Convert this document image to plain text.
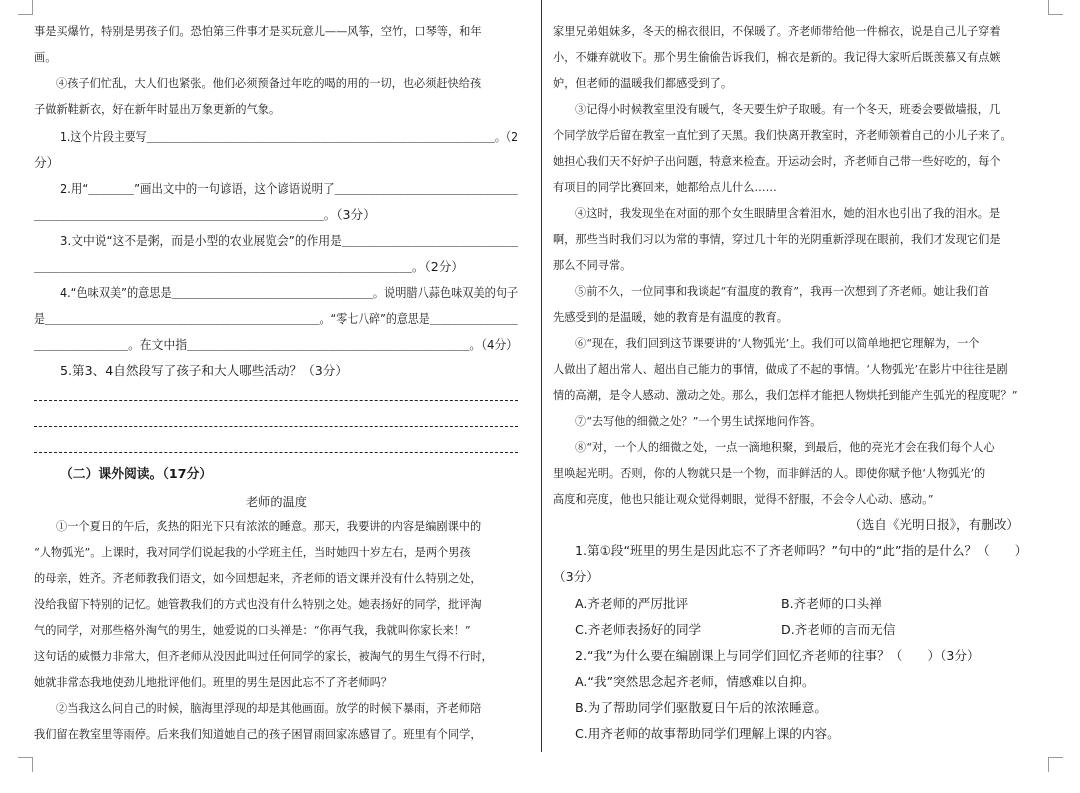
事是买爆竹，特别是男孩子们。恐怕第三件事才是买玩意儿——风筝，空竹，口琴等，和年
画。
④孩子们忙乱，大人们也紧张。他们必须预备过年吃的喝的用的一切，也必须赶快给孩
子做新鞋新衣，好在新年时显出万象更新的气象。
1.这个片段主要写＿＿＿＿＿＿＿＿＿＿＿＿＿＿＿＿＿＿＿＿＿＿＿＿＿＿＿＿＿＿＿＿。（2
分）
2.用“＿＿＿＿”画出文中的一句谚语，这个谚语说明了＿＿＿＿＿＿＿＿＿＿＿＿＿＿＿＿
＿＿＿＿＿＿＿＿＿＿＿＿＿＿＿＿＿＿＿＿＿＿＿。（3分）
3.文中说“这不是粥，而是小型的农业展览会”的作用是＿＿＿＿＿＿＿＿＿＿＿＿＿＿＿
＿＿＿＿＿＿＿＿＿＿＿＿＿＿＿＿＿＿＿＿＿＿＿＿＿＿＿＿＿＿。（2分）
4.“色味双美”的意思是＿＿＿＿＿＿＿＿＿＿＿＿＿＿＿＿＿＿。说明腊八蒜色味双美的句子
是＿＿＿＿＿＿＿＿＿＿＿＿＿＿＿＿＿＿＿＿＿＿＿＿＿。“零七八碎”的意思是＿＿＿＿＿＿＿＿
＿＿＿＿＿＿＿＿。在文中指＿＿＿＿＿＿＿＿＿＿＿＿＿＿＿＿＿＿＿＿＿＿＿＿。（4分）
5.第3、4自然段写了孩子和大人哪些活动？（3分）
（二）课外阅读。（17分）
老师的温度
①一个夏日的午后，炙热的阳光下只有浓浓的睡意。那天，我要讲的内容是编剧课中的
“人物弧光”。上课时，我对同学们说起我的小学班主任，当时她四十岁左右，是两个男孩
的母亲，姓齐。齐老师教我们语文，如今回想起来，齐老师的语文课并没有什么特别之处，
没给我留下特别的记忆。她管教我们的方式也没有什么特别之处。她表扬好的同学，批评淘
气的同学，对那些格外淘气的男生，她爱说的口头禅是：“你再气我，我就叫你家长来！”
这句话的威慑力非常大，但齐老师从没因此叫过任何同学的家长，被淘气的男生气得不行时，
她就非常态我地使劲儿地批评他们。班里的男生是因此忘不了齐老师吗？
②当我这么问自己的时候，脑海里浮现的却是其他画面。放学的时候下暴雨，齐老师陪
我们留在教室里等雨停。后来我们知道她自己的孩子困冒雨回家冻感冒了。班里有个同学，
家里兄弟姐妹多，冬天的棉衣很旧，不保暖了。齐老师带给他一件棉衣，说是自己儿子穿着
小，不嫌弃就收下。那个男生偷偷告诉我们，棉衣是新的。我记得大家听后既羡慕又有点嫉
妒，但老师的温暖我们都感受到了。
③记得小时候教室里没有暖气，冬天要生炉子取暖。有一个冬天，班委会要做墙报，几
个同学放学后留在教室一直忙到了天黑。我们快离开教室时，齐老师领着自己的小儿子来了。
她担心我们天不好炉子出问题，特意来检查。开运动会时，齐老师自己带一些好吃的，每个
有项目的同学比赛回来，她都给点儿什么……
④这时，我发现坐在对面的那个女生眼睛里含着泪水，她的泪水也引出了我的泪水。是
啊，那些当时我们习以为常的事情，穿过几十年的光阴重新浮现在眼前，我们才发现它们是
那么不同寻常。
⑤前不久，一位同事和我谈起“有温度的教育”，我再一次想到了齐老师。她让我们首
先感受到的是温暖，她的教育是有温度的教育。
⑥“现在，我们回到这节课要讲的‘人物弧光’上。我们可以简单地把它理解为，一个
人做出了超出常人、超出自己能力的事情，做成了不起的事情。‘人物弧光’在影片中往往是剧
情的高潮，是令人感动、激动之处。那么，我们怎样才能把人物烘托到能产生弧光的程度呢？”
⑦“去写他的细微之处？”一个男生试探地问作答。
⑧“对，一个人的细微之处，一点一滴地积聚，到最后，他的亮光才会在我们每个人心
里唤起光明。否则，你的人物就只是一个物，而非鲜活的人。即使你赋予他‘人物弧光’的
高度和亮度，他也只能让观众觉得刺眼，觉得不舒服，不会令人心动、感动。”
（选自《光明日报》，有删改）
1.第①段“班里的男生是因此忘不了齐老师吗？”句中的“此”指的是什么？（　　）
（3分）
A.齐老师的严厉批评	B.齐老师的口头禅
C.齐老师表扬好的同学	D.齐老师的言而无信
2.“我”为什么要在编剧课上与同学们回忆齐老师的往事？（　　）（3分）
A.“我”突然思念起齐老师，情感难以自抑。
B.为了帮助同学们驱散夏日午后的浓浓睡意。
C.用齐老师的故事帮助同学们理解上课的内容。
